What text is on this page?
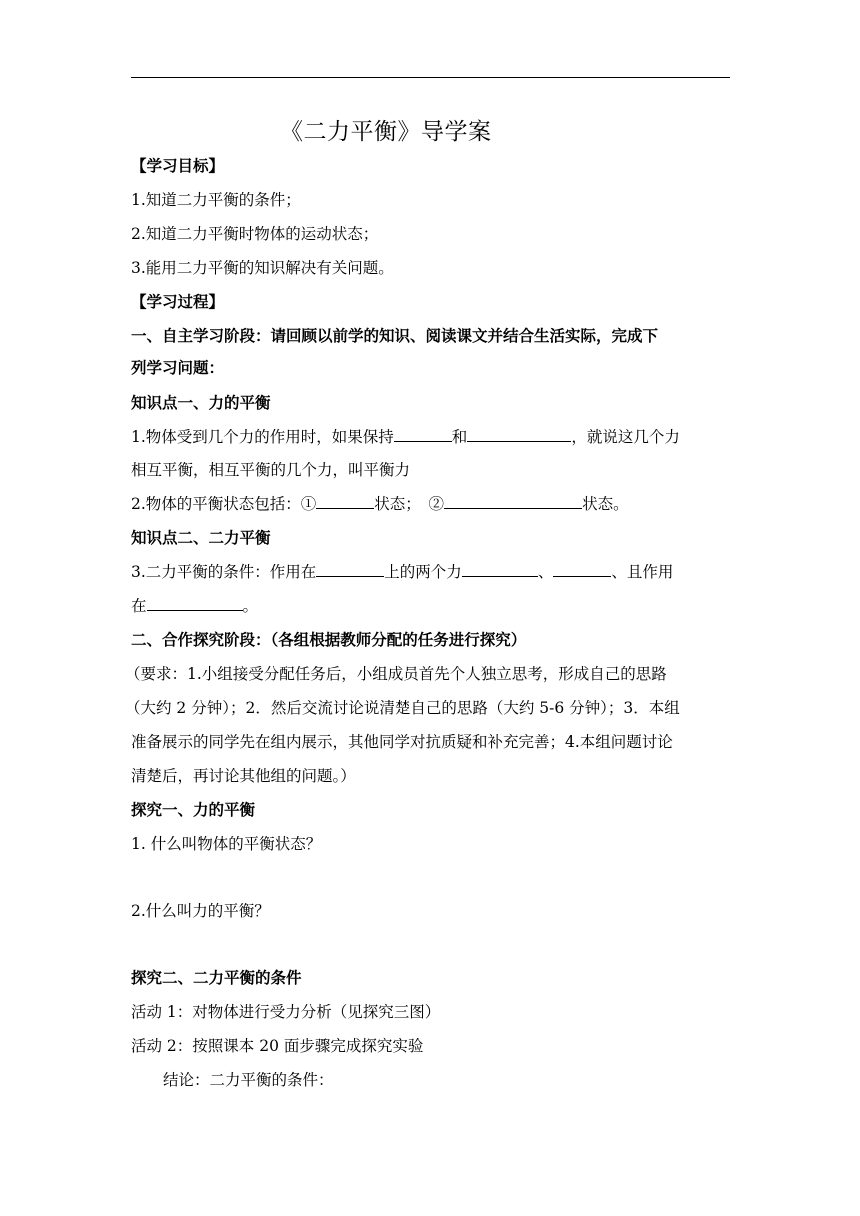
《二力平衡》导学案
【学习目标】
1.知道二力平衡的条件；
2.知道二力平衡时物体的运动状态；
3.能用二力平衡的知识解决有关问题。
【学习过程】
一、自主学习阶段：请回顾以前学的知识、阅读课文并结合生活实际，完成下
列学习问题：
知识点一、力的平衡
1.物体受到几个力的作用时，如果保持	和	，就说这几个力
相互平衡，相互平衡的几个力，叫平衡力
2.物体的平衡状态包括：①	状态；　②	状态。
知识点二、二力平衡
3.二力平衡的条件：作用在	上的两个力	、	、且作用
在	。
二、合作探究阶段：（各组根据教师分配的任务进行探究）
（要求：1.小组接受分配任务后，小组成员首先个人独立思考，形成自己的思路
（大约 2 分钟）；2．然后交流讨论说清楚自己的思路（大约 5-6 分钟）；3．本组
准备展示的同学先在组内展示，其他同学对抗质疑和补充完善；4.本组问题讨论
清楚后，再讨论其他组的问题。）
探究一、力的平衡
1. 什么叫物体的平衡状态？
2.什么叫力的平衡？
探究二、二力平衡的条件
活动 1：对物体进行受力分析（见探究三图）
活动 2：按照课本 20 面步骤完成探究实验
结论：二力平衡的条件：
